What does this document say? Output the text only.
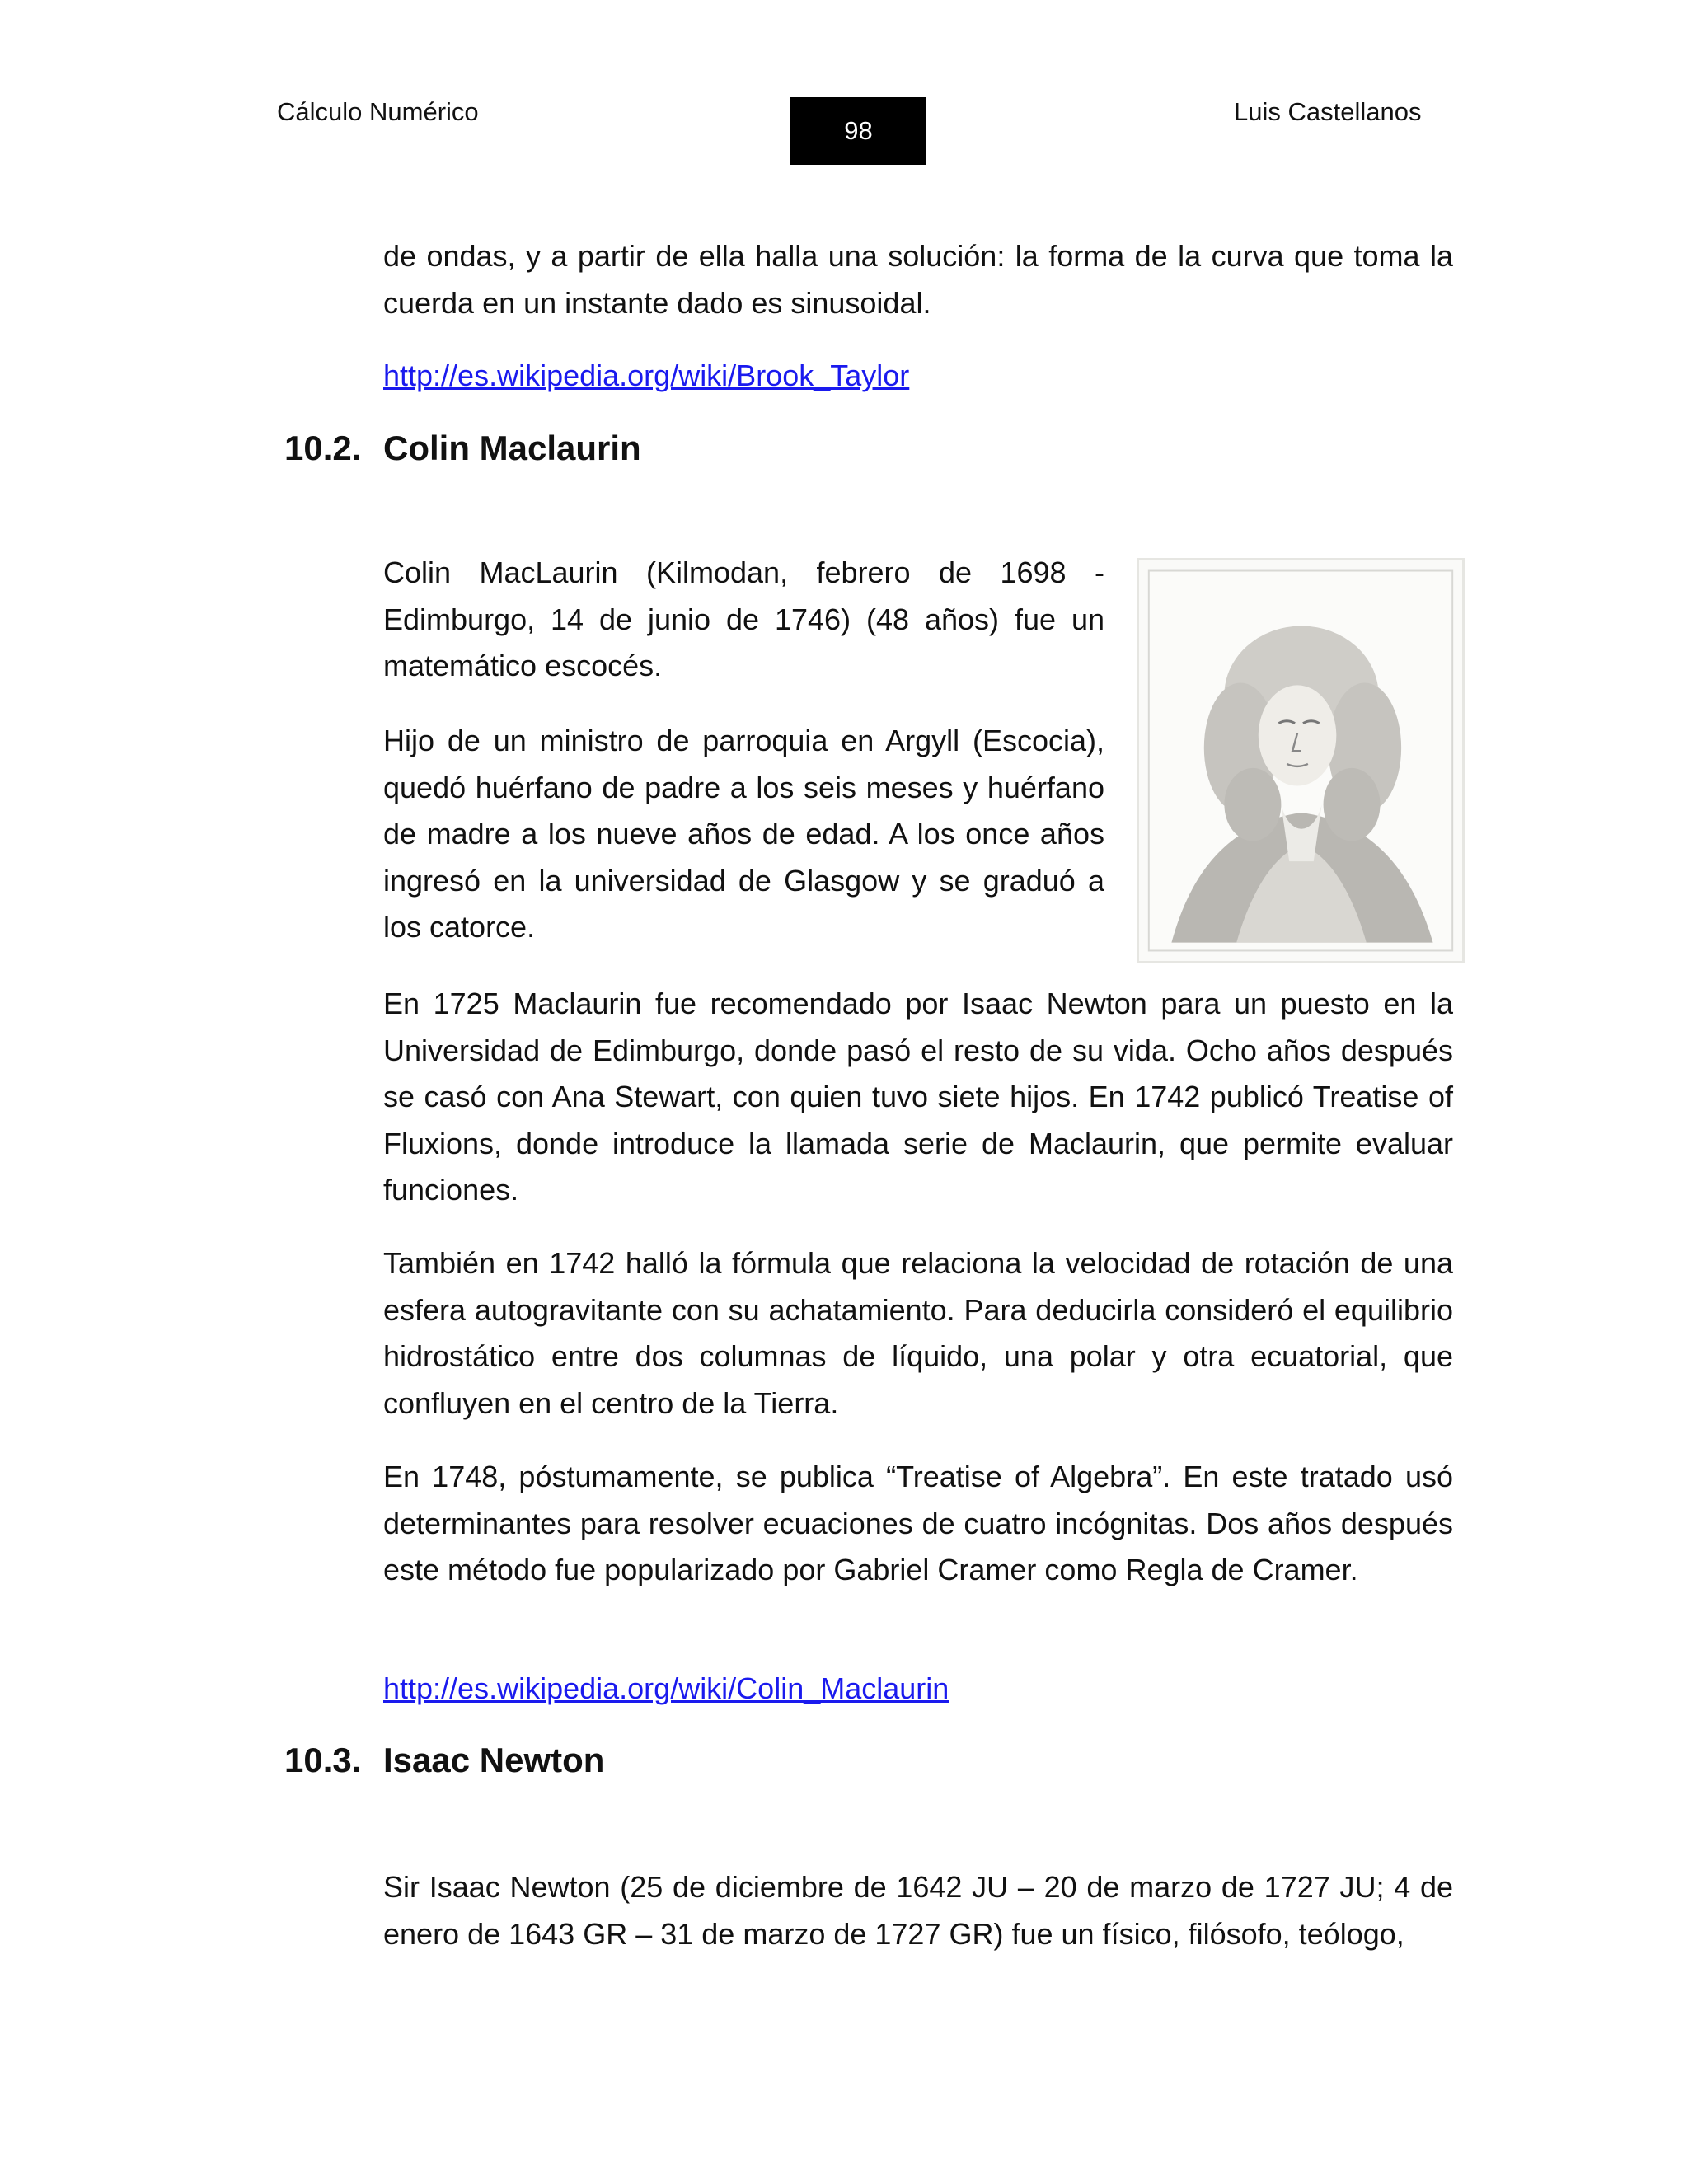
Cálculo Numérico
98
Luis Castellanos

de ondas, y a partir de ella halla una solución: la forma de la curva que toma la cuerda en un instante dado es sinusoidal.

http://es.wikipedia.org/wiki/Brook_Taylor
10.2. Colin Maclaurin

Colin MacLaurin (Kilmodan, febrero de 1698 - Edimburgo, 14 de junio de 1746) (48 años) fue un matemático escocés.

Hijo de un ministro de parroquia en Argyll (Escocia), quedó huérfano de padre a los seis meses y huérfano de madre a los nueve años de edad. A los once años ingresó en la universidad de Glasgow y se graduó a los catorce.

En 1725 Maclaurin fue recomendado por Isaac Newton para un puesto en la Universidad de Edimburgo, donde pasó el resto de su vida. Ocho años después se casó con Ana Stewart, con quien tuvo siete hijos. En 1742 publicó Treatise of Fluxions, donde introduce la llamada serie de Maclaurin, que permite evaluar funciones.

También en 1742 halló la fórmula que relaciona la velocidad de rotación de una esfera autogravitante con su achatamiento. Para deducirla consideró el equilibrio hidrostático entre dos columnas de líquido, una polar y otra ecuatorial, que confluyen en el centro de la Tierra.

En 1748, póstumamente, se publica “Treatise of Algebra”. En este tratado usó determinantes para resolver ecuaciones de cuatro incógnitas. Dos años después este método fue popularizado por Gabriel Cramer como Regla de Cramer.

http://es.wikipedia.org/wiki/Colin_Maclaurin
10.3. Isaac Newton

Sir Isaac Newton (25 de diciembre de 1642 JU – 20 de marzo de 1727 JU; 4 de enero de 1643 GR – 31 de marzo de 1727 GR) fue un físico, filósofo, teólogo,
